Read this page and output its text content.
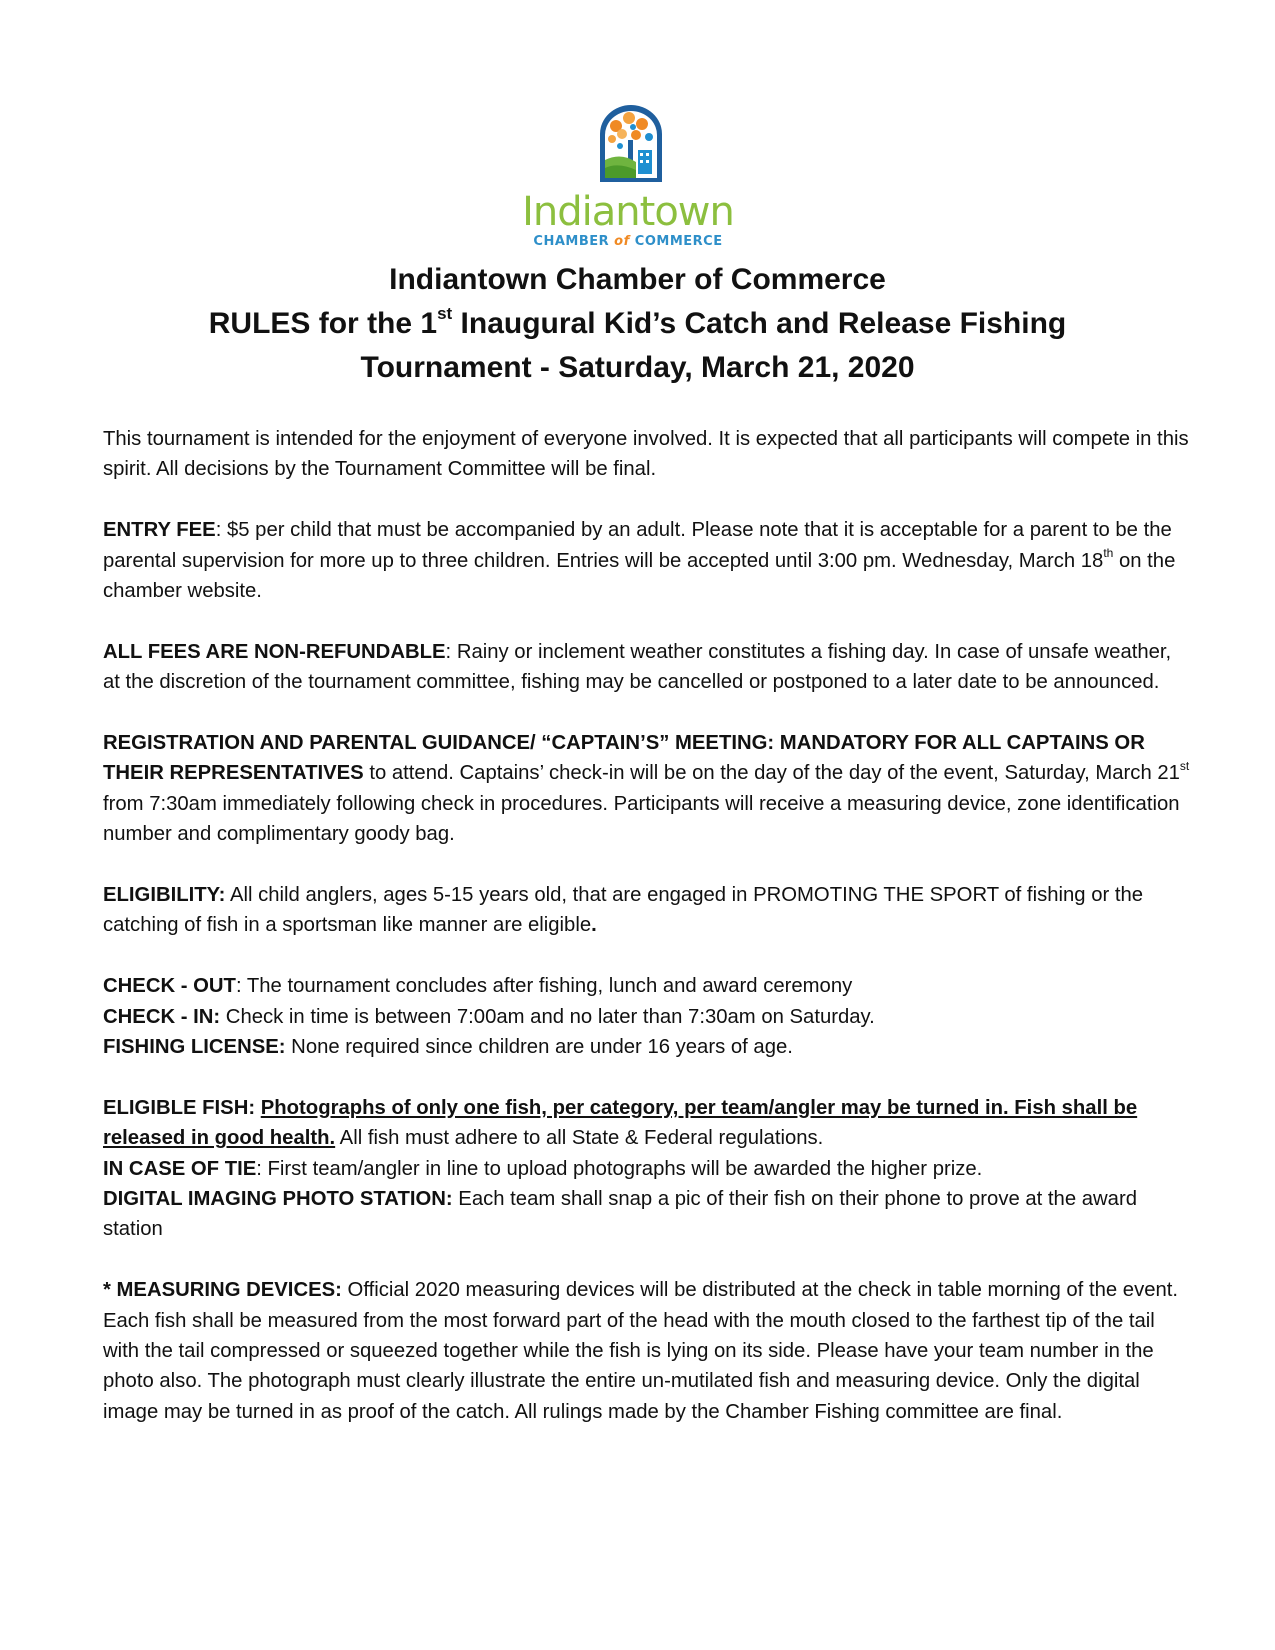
Indiantown
CHAMBER of COMMERCE
Indiantown Chamber of Commerce
RULES for the 1st Inaugural Kid’s Catch and Release Fishing
Tournament - Saturday, March 21, 2020

This tournament is intended for the enjoyment of everyone involved. It is expected that all participants will compete in this spirit. All decisions by the Tournament Committee will be final.

ENTRY FEE: $5 per child that must be accompanied by an adult. Please note that it is acceptable for a parent to be the parental supervision for more up to three children. Entries will be accepted until 3:00 pm. Wednesday, March 18th on the chamber website.

ALL FEES ARE NON-REFUNDABLE: Rainy or inclement weather constitutes a fishing day. In case of unsafe weather, at the discretion of the tournament committee, fishing may be cancelled or postponed to a later date to be announced.

REGISTRATION AND PARENTAL GUIDANCE/ “CAPTAIN’S” MEETING: MANDATORY FOR ALL CAPTAINS OR THEIR REPRESENTATIVES to attend. Captains’ check-in will be on the day of the day of the event, Saturday, March 21st from 7:30am immediately following check in procedures. Participants will receive a measuring device, zone identification number and complimentary goody bag.

ELIGIBILITY: All child anglers, ages 5-15 years old, that are engaged in PROMOTING THE SPORT of fishing or the catching of fish in a sportsman like manner are eligible.

CHECK - OUT: The tournament concludes after fishing, lunch and award ceremony

CHECK - IN: Check in time is between 7:00am and no later than 7:30am on Saturday.

FISHING LICENSE: None required since children are under 16 years of age.

ELIGIBLE FISH: Photographs of only one fish, per category, per team/angler may be turned in. Fish shall be released in good health. All fish must adhere to all State & Federal regulations.

IN CASE OF TIE: First team/angler in line to upload photographs will be awarded the higher prize.

DIGITAL IMAGING PHOTO STATION: Each team shall snap a pic of their fish on their phone to prove at the award station

* MEASURING DEVICES: Official 2020 measuring devices will be distributed at the check in table morning of the event. Each fish shall be measured from the most forward part of the head with the mouth closed to the farthest tip of the tail with the tail compressed or squeezed together while the fish is lying on its side. Please have your team number in the photo also. The photograph must clearly illustrate the entire un-mutilated fish and measuring device. Only the digital image may be turned in as proof of the catch. All rulings made by the Chamber Fishing committee are final.
